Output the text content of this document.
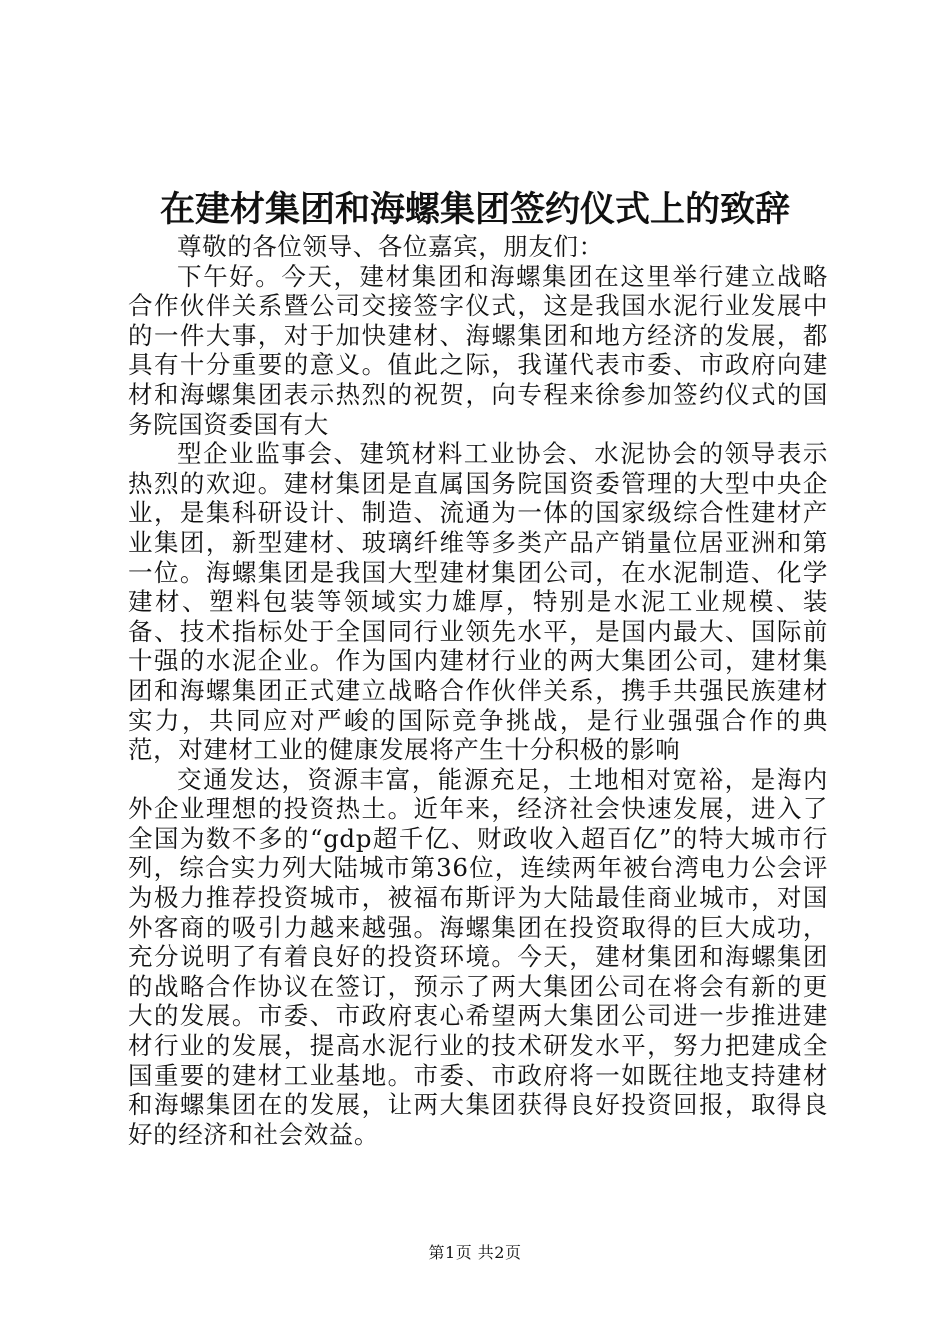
在建材集团和海螺集团签约仪式上的致辞

尊敬的各位领导、各位嘉宾，朋友们：

下午好。今天，建材集团和海螺集团在这里举行建立战略合作伙伴关系暨公司交接签字仪式，这是我国水泥行业发展中的一件大事，对于加快建材、海螺集团和地方经济的发展，都具有十分重要的意义。值此之际，我谨代表市委、市政府向建材和海螺集团表示热烈的祝贺，向专程来徐参加签约仪式的国务院国资委国有大

型企业监事会、建筑材料工业协会、水泥协会的领导表示热烈的欢迎。建材集团是直属国务院国资委管理的大型中央企业，是集科研设计、制造、流通为一体的国家级综合性建材产业集团，新型建材、玻璃纤维等多类产品产销量位居亚洲和第一位。海螺集团是我国大型建材集团公司，在水泥制造、化学建材、塑料包装等领域实力雄厚，特别是水泥工业规模、装备、技术指标处于全国同行业领先水平，是国内最大、国际前十强的水泥企业。作为国内建材行业的两大集团公司，建材集团和海螺集团正式建立战略合作伙伴关系，携手共强民族建材实力，共同应对严峻的国际竞争挑战，是行业强强合作的典范，对建材工业的健康发展将产生十分积极的影响

交通发达，资源丰富，能源充足，土地相对宽裕，是海内外企业理想的投资热土。近年来，经济社会快速发展，进入了全国为数不多的“gdp超千亿、财政收入超百亿”的特大城市行列，综合实力列大陆城市第36位，连续两年被台湾电力公会评为极力推荐投资城市，被福布斯评为大陆最佳商业城市，对国外客商的吸引力越来越强。海螺集团在投资取得的巨大成功，充分说明了有着良好的投资环境。今天，建材集团和海螺集团的战略合作协议在签订，预示了两大集团公司在将会有新的更大的发展。市委、市政府衷心希望两大集团公司进一步推进建材行业的发展，提高水泥行业的技术研发水平，努力把建成全国重要的建材工业基地。市委、市政府将一如既往地支持建材和海螺集团在的发展，让两大集团获得良好投资回报，取得良好的经济和社会效益。

第1页 共2页
